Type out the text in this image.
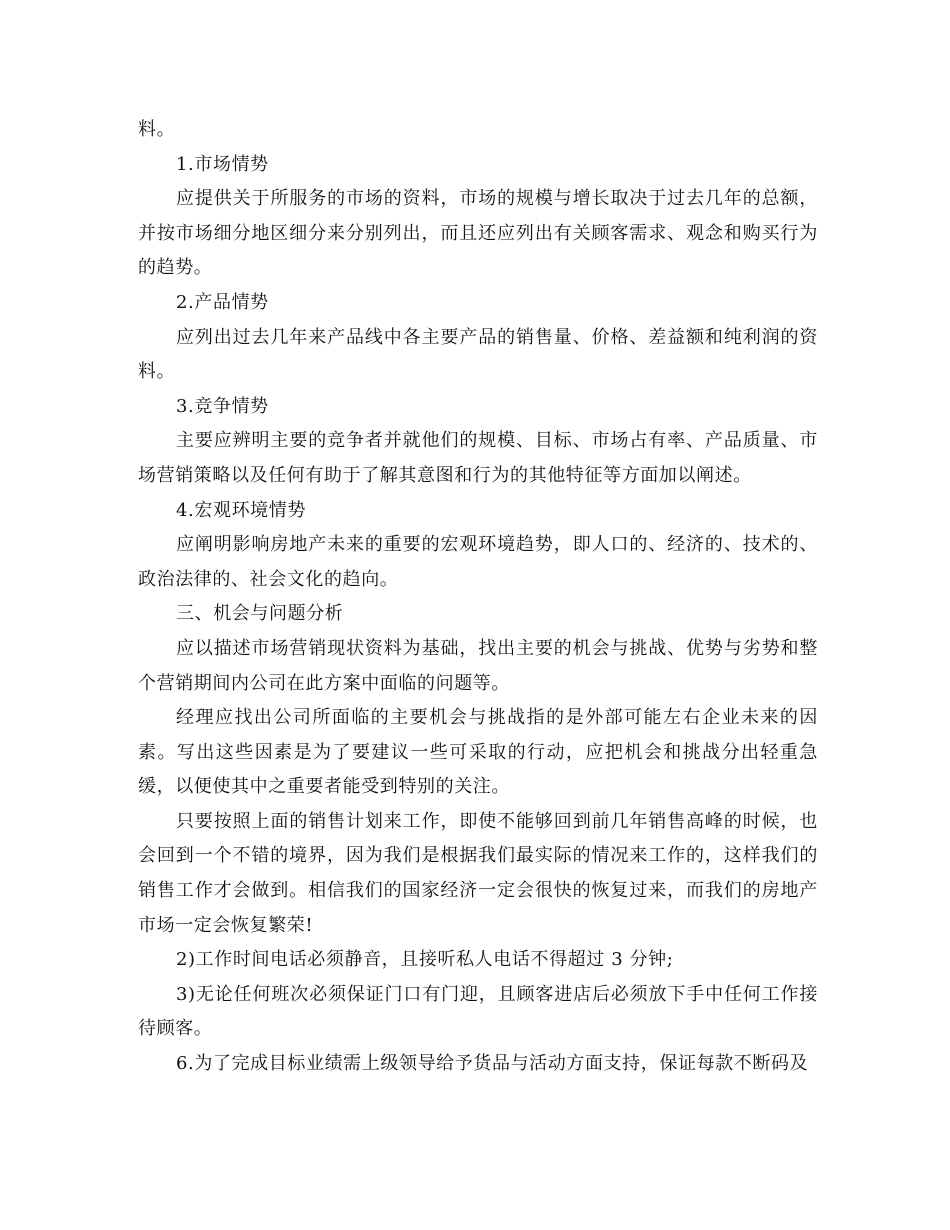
料。

1.市场情势

应提供关于所服务的市场的资料，市场的规模与增长取决于过去几年的总额，并按市场细分地区细分来分别列出，而且还应列出有关顾客需求、观念和购买行为的趋势。

2.产品情势

应列出过去几年来产品线中各主要产品的销售量、价格、差益额和纯利润的资料。

3.竞争情势

主要应辨明主要的竞争者并就他们的规模、目标、市场占有率、产品质量、市场营销策略以及任何有助于了解其意图和行为的其他特征等方面加以阐述。

4.宏观环境情势

应阐明影响房地产未来的重要的宏观环境趋势，即人口的、经济的、技术的、政治法律的、社会文化的趋向。

三、机会与问题分析

应以描述市场营销现状资料为基础，找出主要的机会与挑战、优势与劣势和整个营销期间内公司在此方案中面临的问题等。

经理应找出公司所面临的主要机会与挑战指的是外部可能左右企业未来的因素。写出这些因素是为了要建议一些可采取的行动，应把机会和挑战分出轻重急缓，以便使其中之重要者能受到特别的关注。

只要按照上面的销售计划来工作，即使不能够回到前几年销售高峰的时候，也会回到一个不错的境界，因为我们是根据我们最实际的情况来工作的，这样我们的销售工作才会做到。相信我们的国家经济一定会很快的恢复过来，而我们的房地产市场一定会恢复繁荣!

2)工作时间电话必须静音，且接听私人电话不得超过 3 分钟;

3)无论任何班次必须保证门口有门迎，且顾客进店后必须放下手中任何工作接待顾客。

6.为了完成目标业绩需上级领导给予货品与活动方面支持，保证每款不断码及
